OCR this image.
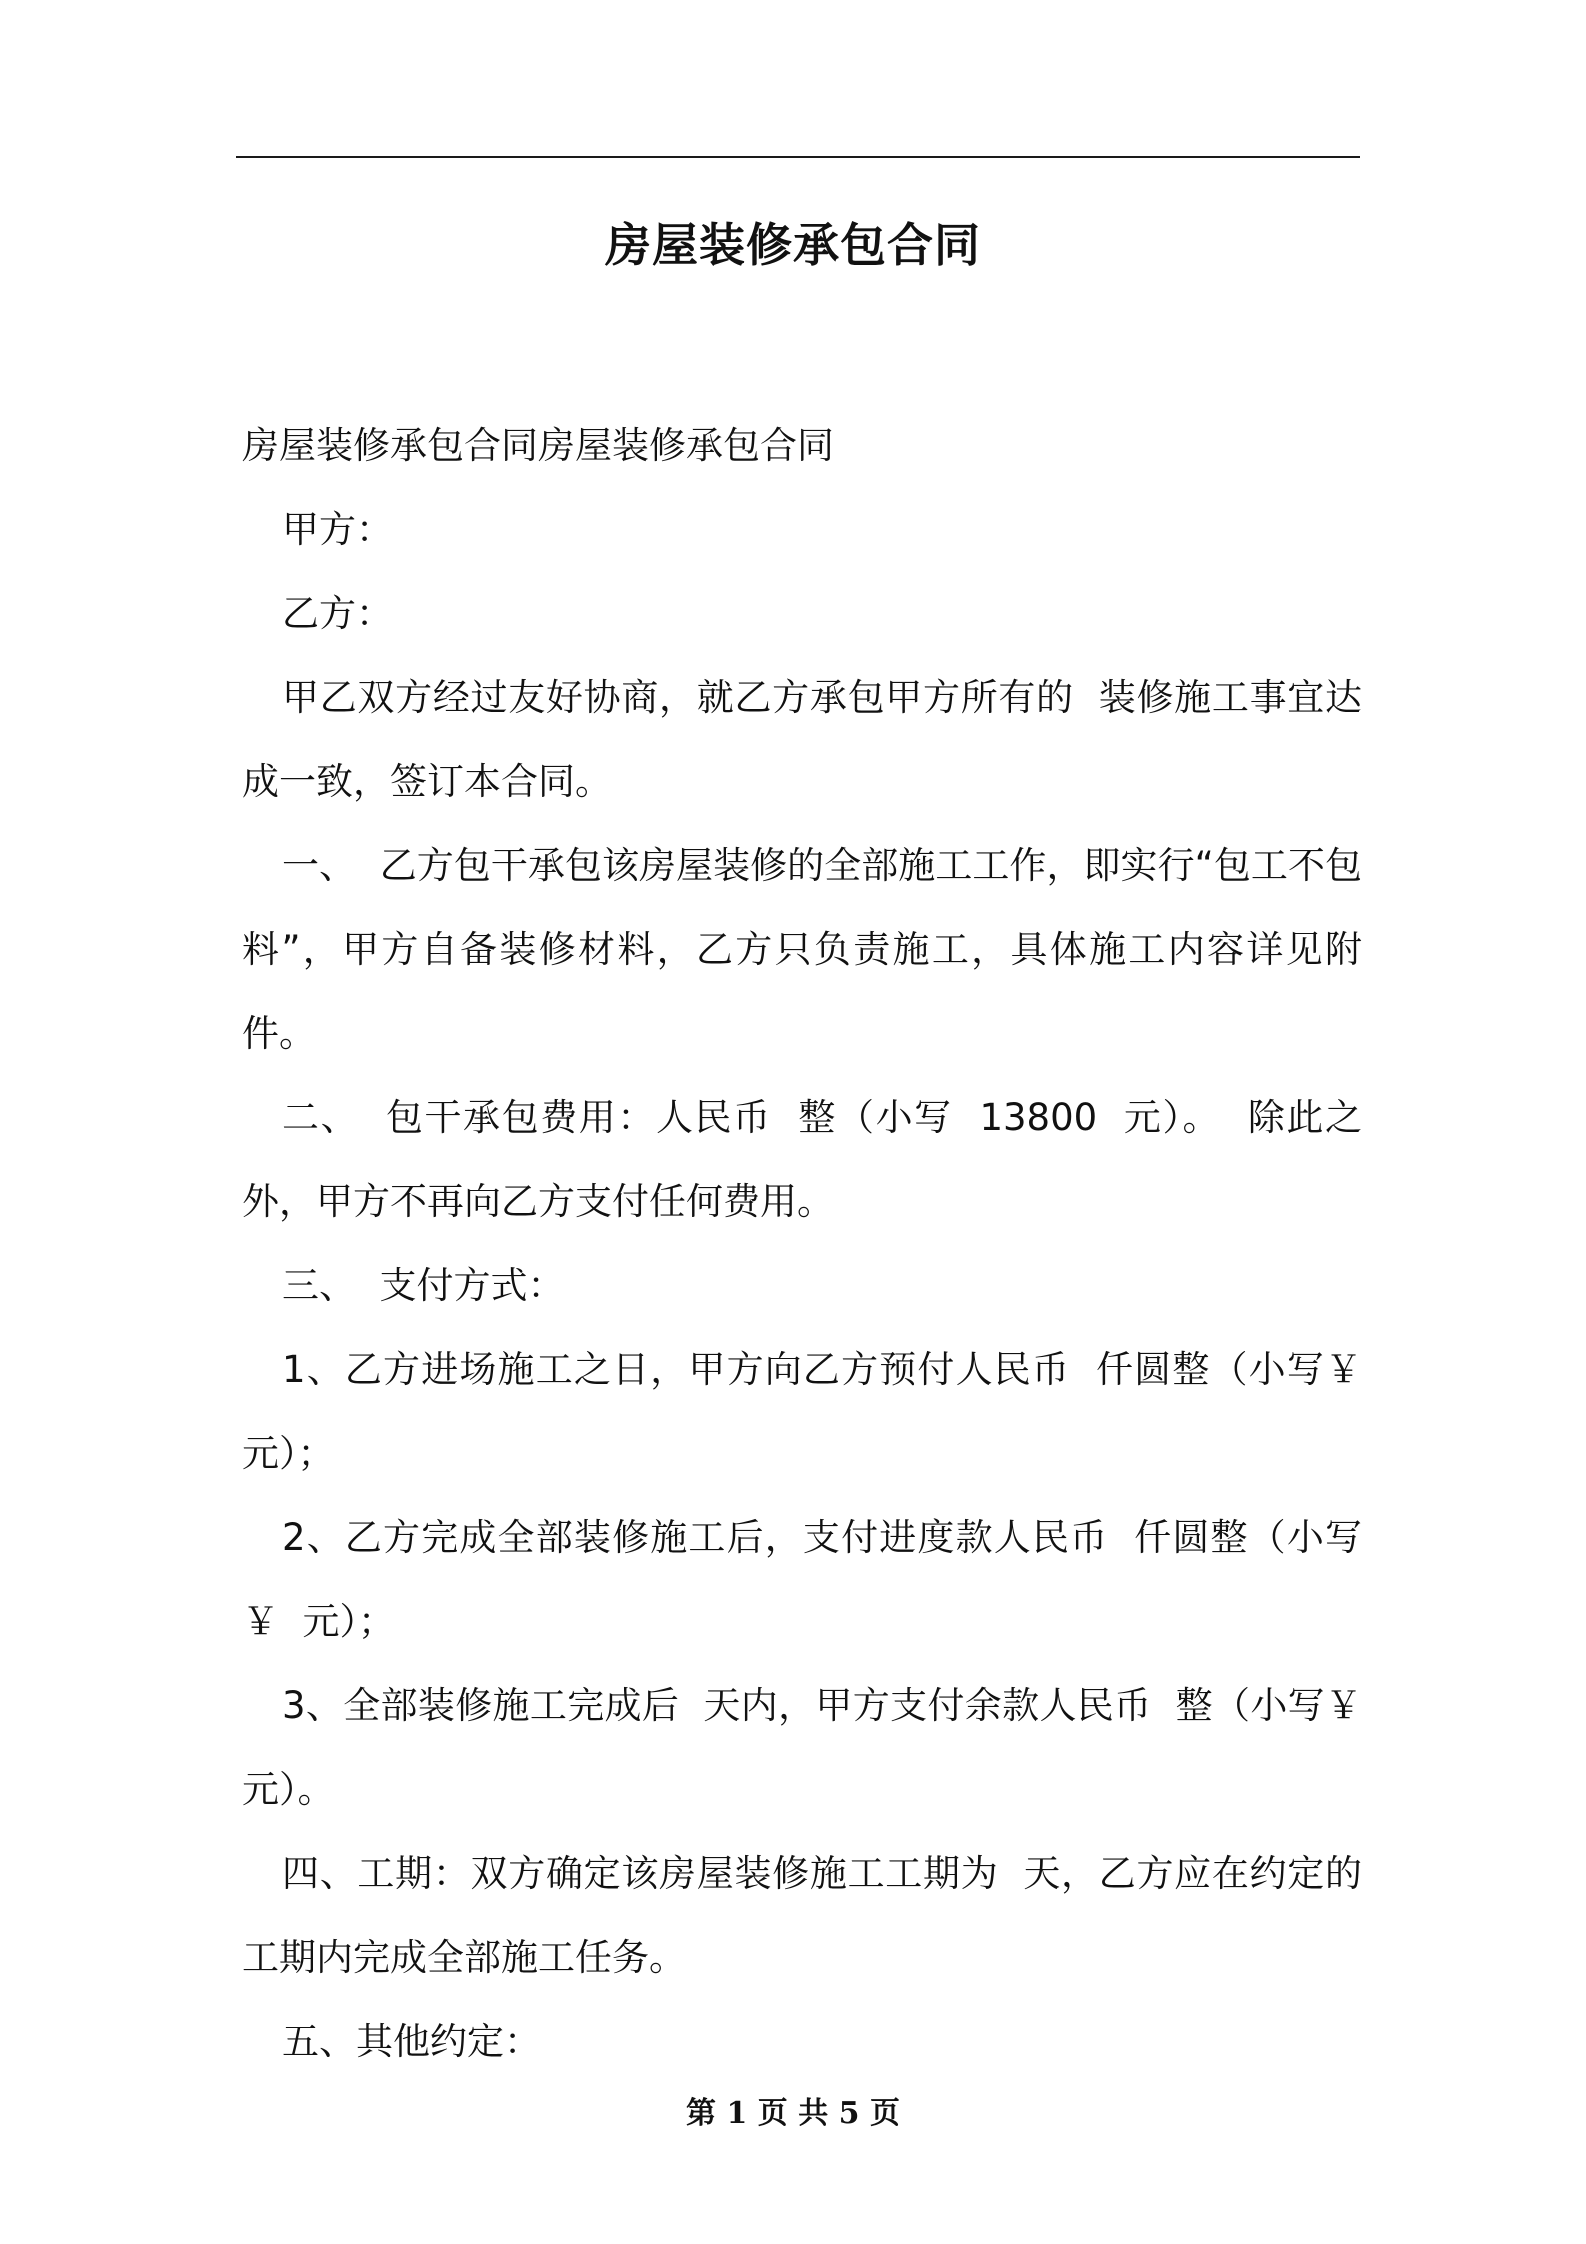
房屋装修承包合同

房屋装修承包合同房屋装修承包合同

甲方：

乙方：

甲乙双方经过友好协商，就乙方承包甲方所有的  装修施工事宜达成一致，签订本合同。

一、  乙方包干承包该房屋装修的全部施工工作，即实行“包工不包料”，甲方自备装修材料，乙方只负责施工，具体施工内容详见附件。

二、  包干承包费用：人民币  整（小写  13800  元）。  除此之外，甲方不再向乙方支付任何费用。

三、  支付方式：

1、乙方进场施工之日，甲方向乙方预付人民币  仟圆整（小写￥  元）；

2、乙方完成全部装修施工后，支付进度款人民币  仟圆整（小写￥  元）；

3、全部装修施工完成后  天内，甲方支付余款人民币  整（小写￥  元）。

四、工期：双方确定该房屋装修施工工期为  天，乙方应在约定的工期内完成全部施工任务。

五、其他约定：

第 1 页 共 5 页
